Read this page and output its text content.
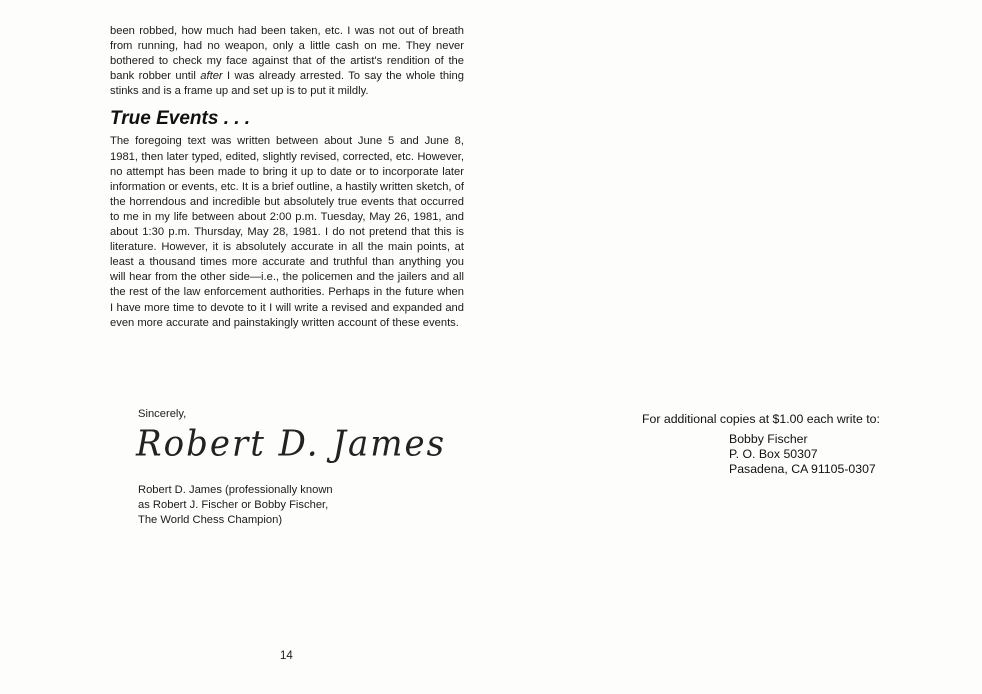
been robbed, how much had been taken, etc. I was not out of breath from running, had no weapon, only a little cash on me. They never bothered to check my face against that of the artist's rendition of the bank robber until after I was already arrested. To say the whole thing stinks and is a frame up and set up is to put it mildly.

True Events . . .

The foregoing text was written between about June 5 and June 8, 1981, then later typed, edited, slightly revised, corrected, etc. However, no attempt has been made to bring it up to date or to incorporate later information or events, etc. It is a brief outline, a hastily written sketch, of the horrendous and incredible but absolutely true events that occurred to me in my life between about 2:00 p.m. Tuesday, May 26, 1981, and about 1:30 p.m. Thursday, May 28, 1981. I do not pretend that this is literature. However, it is absolutely accurate in all the main points, at least a thousand times more accurate and truthful than anything you will hear from the other side—i.e., the policemen and the jailers and all the rest of the law enforcement authorities. Perhaps in the future when I have more time to devote to it I will write a revised and expanded and even more accurate and painstakingly written account of these events.

Sincerely,
Robert D. James
Robert D. James (professionally known
as Robert J. Fischer or Bobby Fischer,
The World Chess Champion)
14
For additional copies at $1.00 each write to:
Bobby Fischer
P. O. Box 50307
Pasadena, CA 91105-0307
